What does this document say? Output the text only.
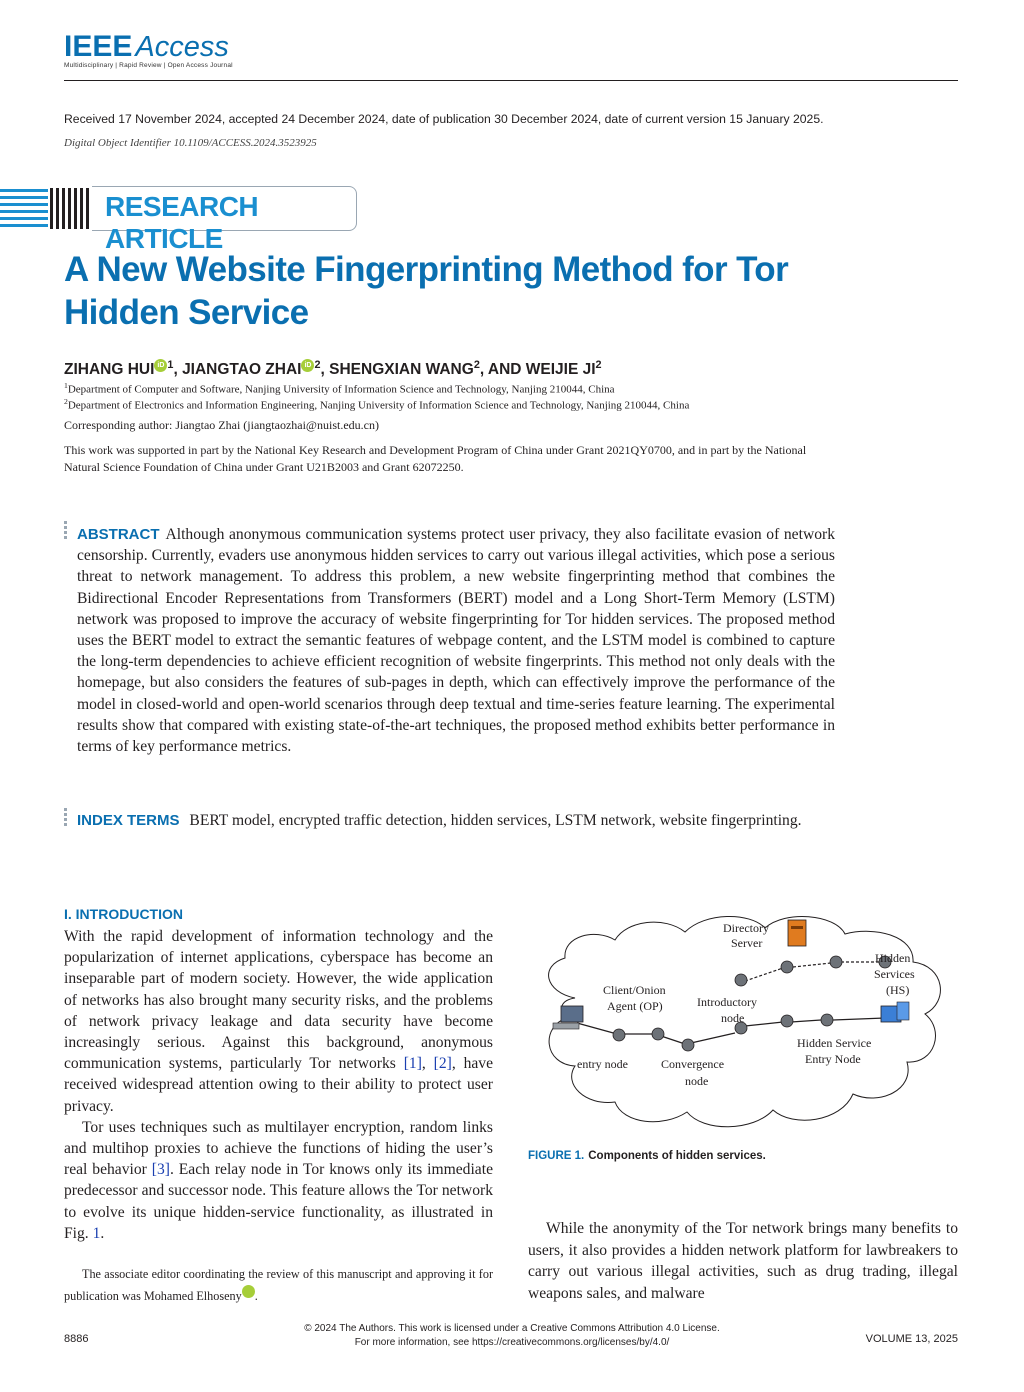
IEEE Access
Multidisciplinary | Rapid Review | Open Access Journal
Received 17 November 2024, accepted 24 December 2024, date of publication 30 December 2024, date of current version 15 January 2025.
Digital Object Identifier 10.1109/ACCESS.2024.3523925
RESEARCH ARTICLE
A New Website Fingerprinting Method for Tor Hidden Service
ZIHANG HUI iD $^1$, JIANGTAO ZHAI iD $^2$, SHENGXIAN WANG$^2$, AND WEIJIE $JI^2$
$^1$Department of Computer and Software, Nanjing University of Information Science and Technology, Nanjing 210044, China
$^2$Department of Electronics and Information Engineering, Nanjing University of Information Science and Technology, Nanjing 210044, China
Corresponding author: Jiangtao Zhai (jiangtaozhai@nuist.edu.cn)
This work was supported in part by the National Key Research and Development Program of China under Grant 2021QY0700, and in part by the National Natural Science Foundation of China under Grant U21B2003 and Grant 62072250.
ABSTRACT Although anonymous communication systems protect user privacy, they also facilitate evasion of network censorship. Currently, evaders use anonymous hidden services to carry out various illegal activities, which pose a serious threat to network management. To address this problem, a new website fingerprinting method that combines the Bidirectional Encoder Representations from Transformers (BERT) model and a Long Short-Term Memory (LSTM) network was proposed to improve the accuracy of website fingerprinting for Tor hidden services. The proposed method uses the BERT model to extract the semantic features of webpage content, and the LSTM model is combined to capture the long-term dependencies to achieve efficient recognition of website fingerprints. This method not only deals with the homepage, but also considers the features of sub-pages in depth, which can effectively improve the performance of the model in closed-world and open-world scenarios through deep textual and time-series feature learning. The experimental results show that compared with existing state-of-the-art techniques, the proposed method exhibits better performance in terms of key performance metrics.
INDEX TERMS BERT model, encrypted traffic detection, hidden services, LSTM network, website fingerprinting.
I. INTRODUCTION

With the rapid development of information technology and the popularization of internet applications, cyberspace has become an inseparable part of modern society. However, the wide application of networks has also brought many security risks, and the problems of network privacy leakage and data security have become increasingly serious. Against this background, anonymous communication systems, particularly Tor networks [1], [2], have received widespread attention owing to their ability to protect user privacy.

Tor uses techniques such as multilayer encryption, random links and multihop proxies to achieve the functions of hiding the user’s real behavior [3]. Each relay node in Tor knows only its immediate predecessor and successor node. This feature allows the Tor network to evolve its unique hidden-service functionality, as illustrated in Fig. 1.

The associate editor coordinating the review of this manuscript and approving it for publication was Mohamed Elhoseny	iD.
Directory
Server
Hidden
Services
(HS)
Client/Onion
Agent (OP)	Introductory
node
Hidden Service
Entry Node
entry node	Convergence
node
FIGURE 1. Components of hidden services.
While the anonymity of the Tor network brings many benefits to users, it also provides a hidden network platform for lawbreakers to carry out various illegal activities, such as drug trading, illegal weapons sales, and malware
8886
© 2024 The Authors. This work is licensed under a Creative Commons Attribution 4.0 License.
For more information, see https://creativecommons.org/licenses/by/4.0/	VOLUME 13, 2025
